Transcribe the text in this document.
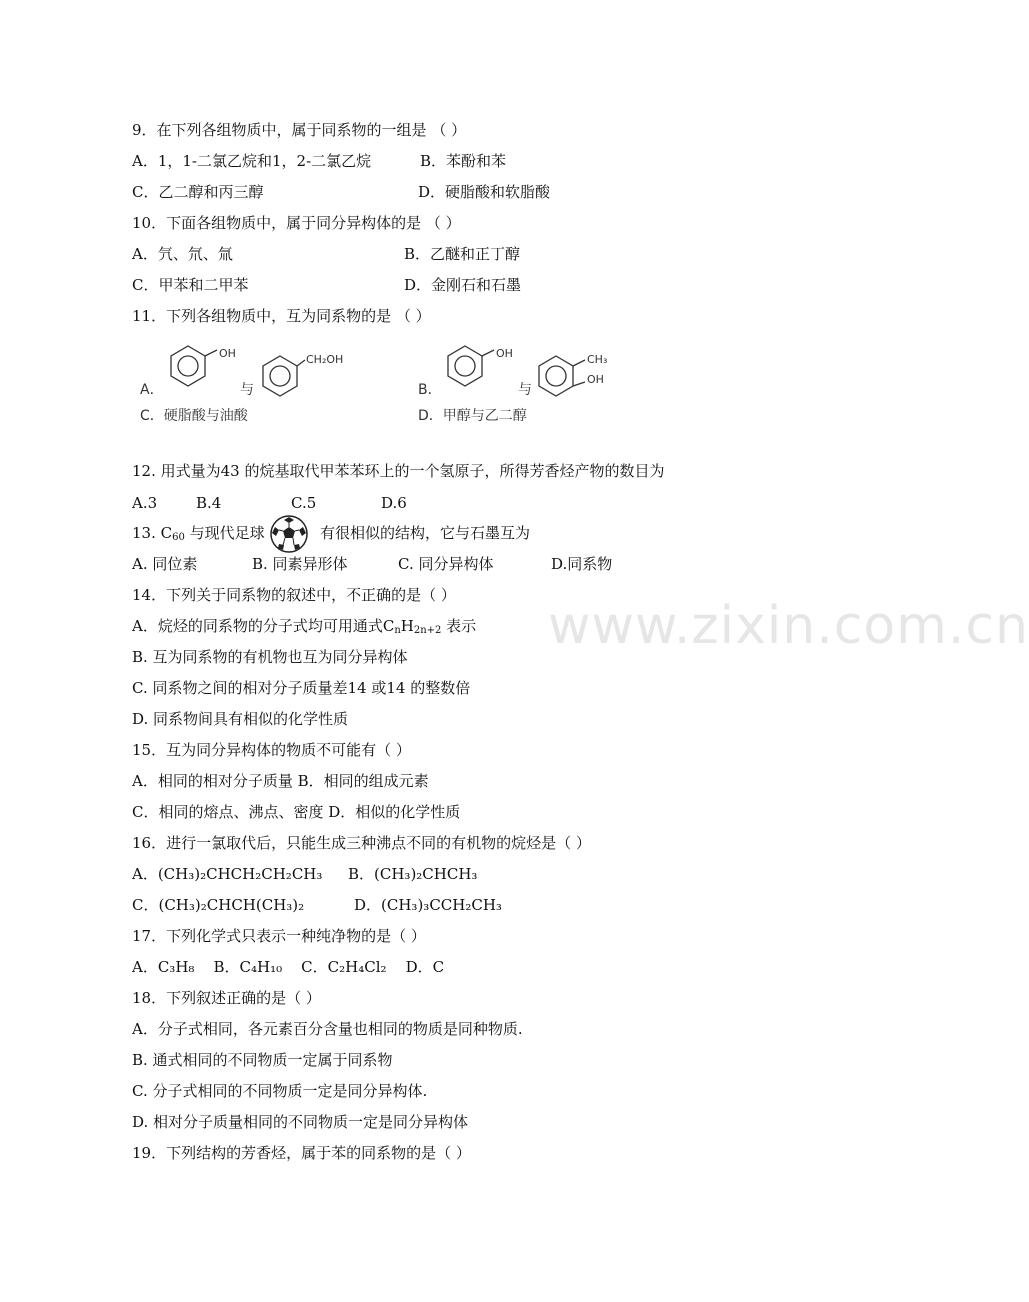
www.zixin.com.cn
9．在下列各组物质中，属于同系物的一组是 （ ）
A．1，1-二氯乙烷和1，2-二氯乙烷	B．苯酚和苯
C．乙二醇和丙三醇	D．硬脂酸和软脂酸
10．下面各组物质中，属于同分异构体的是 （ ）
A．氕、氘、氚	B．乙醚和正丁醇
C．甲苯和二甲苯	D．金刚石和石墨
11．下列各组物质中，互为同系物的是 （ ）
OH	CH₂OH	OH	CH₃
OH
A．	与	B．	与
C．硬脂酸与油酸	D．甲醇与乙二醇
12. 用式量为43 的烷基取代甲苯苯环上的一个氢原子，所得芳香烃产物的数目为
A.3	B.4	C.5	D.6
13. $C_{60}$ 与现代足球	有很相似的结构，它与石墨互为
A. 同位素	B. 同素异形体	C. 同分异构体	D.同系物
14．下列关于同系物的叙述中，不正确的是（ ）
A．烷烃的同系物的分子式均可用通式$C_nH_{2n+2}$ 表示
B. 互为同系物的有机物也互为同分异构体
C. 同系物之间的相对分子质量差14 或14 的整数倍
D. 同系物间具有相似的化学性质
15．互为同分异构体的物质不可能有（ ）
A．相同的相对分子质量 B．相同的组成元素
C．相同的熔点、沸点、密度 D．相似的化学性质
16．进行一氯取代后，只能生成三种沸点不同的有机物的烷烃是（ ）
A．(CH₃)₂CHCH₂CH₂CH₃ B．(CH₃)₂CHCH₃
C．(CH₃)₂CHCH(CH₃)₂	D．(CH₃)₃CCH₂CH₃
17．下列化学式只表示一种纯净物的是（ ）
A．C₃H₈    B．C₄H₁₀    C．C₂H₄Cl₂    D．C
18．下列叙述正确的是（ ）
A．分子式相同，各元素百分含量也相同的物质是同种物质.
B. 通式相同的不同物质一定属于同系物
C. 分子式相同的不同物质一定是同分异构体.
D. 相对分子质量相同的不同物质一定是同分异构体
19．下列结构的芳香烃，属于苯的同系物的是（ ）
